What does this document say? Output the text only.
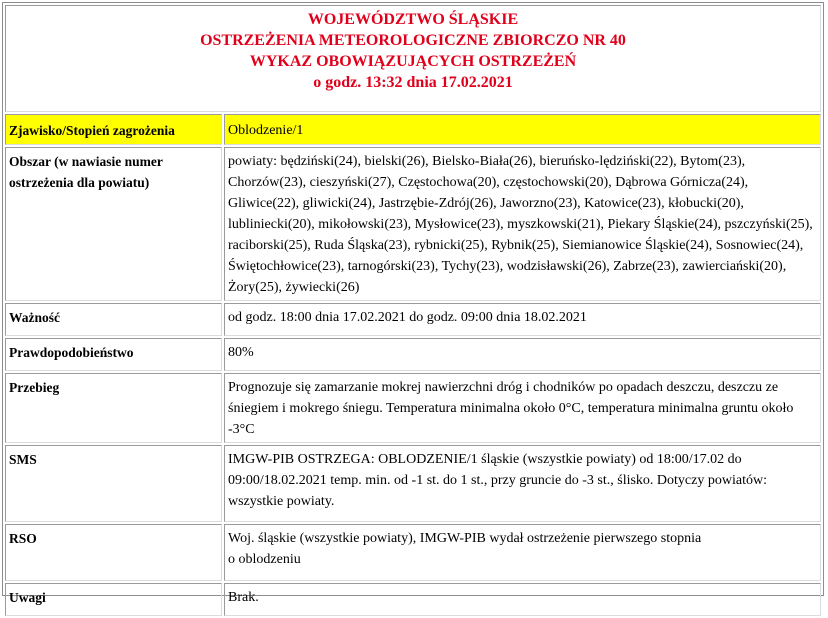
WOJEWÓDZTWO ŚLĄSKIE
OSTRZEŻENIA METEOROLOGICZNE ZBIORCZO NR 40
WYKAZ OBOWIĄZUJĄCYCH OSTRZEŻEŃ
o godz. 13:32 dnia 17.02.2021	

Zjawisko/Stopień zagrożenia	Oblodzenie/1
Obszar (w nawiasie numer ostrzeżenia dla powiatu)	powiaty: będziński(24), bielski(26), Bielsko-Biała(26), bieruńsko-lędziński(22), Bytom(23), Chorzów(23), cieszyński(27), Częstochowa(20), częstochowski(20), Dąbrowa Górnicza(24), Gliwice(22), gliwicki(24), Jastrzębie-Zdrój(26), Jaworzno(23), Katowice(23), kłobucki(20), lubliniecki(20), mikołowski(23), Mysłowice(23), myszkowski(21), Piekary Śląskie(24), pszczyński(25), raciborski(25), Ruda Śląska(23), rybnicki(25), Rybnik(25), Siemianowice Śląskie(24), Sosnowiec(24), Świętochłowice(23), tarnogórski(23), Tychy(23), wodzisławski(26), Zabrze(23), zawierciański(20), Żory(25), żywiecki(26)
Ważność	od godz. 18:00 dnia 17.02.2021 do godz. 09:00 dnia 18.02.2021
Prawdopodobieństwo	80%
Przebieg	Prognozuje się zamarzanie mokrej nawierzchni dróg i chodników po opadach deszczu, deszczu ze śniegiem i mokrego śniegu. Temperatura minimalna około 0°C, temperatura minimalna gruntu około -3°C
SMS	IMGW-PIB OSTRZEGA: OBLODZENIE/1 śląskie (wszystkie powiaty) od 18:00/17.02 do 09:00/18.02.2021 temp. min. od -1 st. do 1 st., przy gruncie do -3 st., ślisko. Dotyczy powiatów: wszystkie powiaty.
RSO	Woj. śląskie (wszystkie powiaty), IMGW-PIB wydał ostrzeżenie pierwszego stopnia
o oblodzeniu
Uwagi	Brak.
